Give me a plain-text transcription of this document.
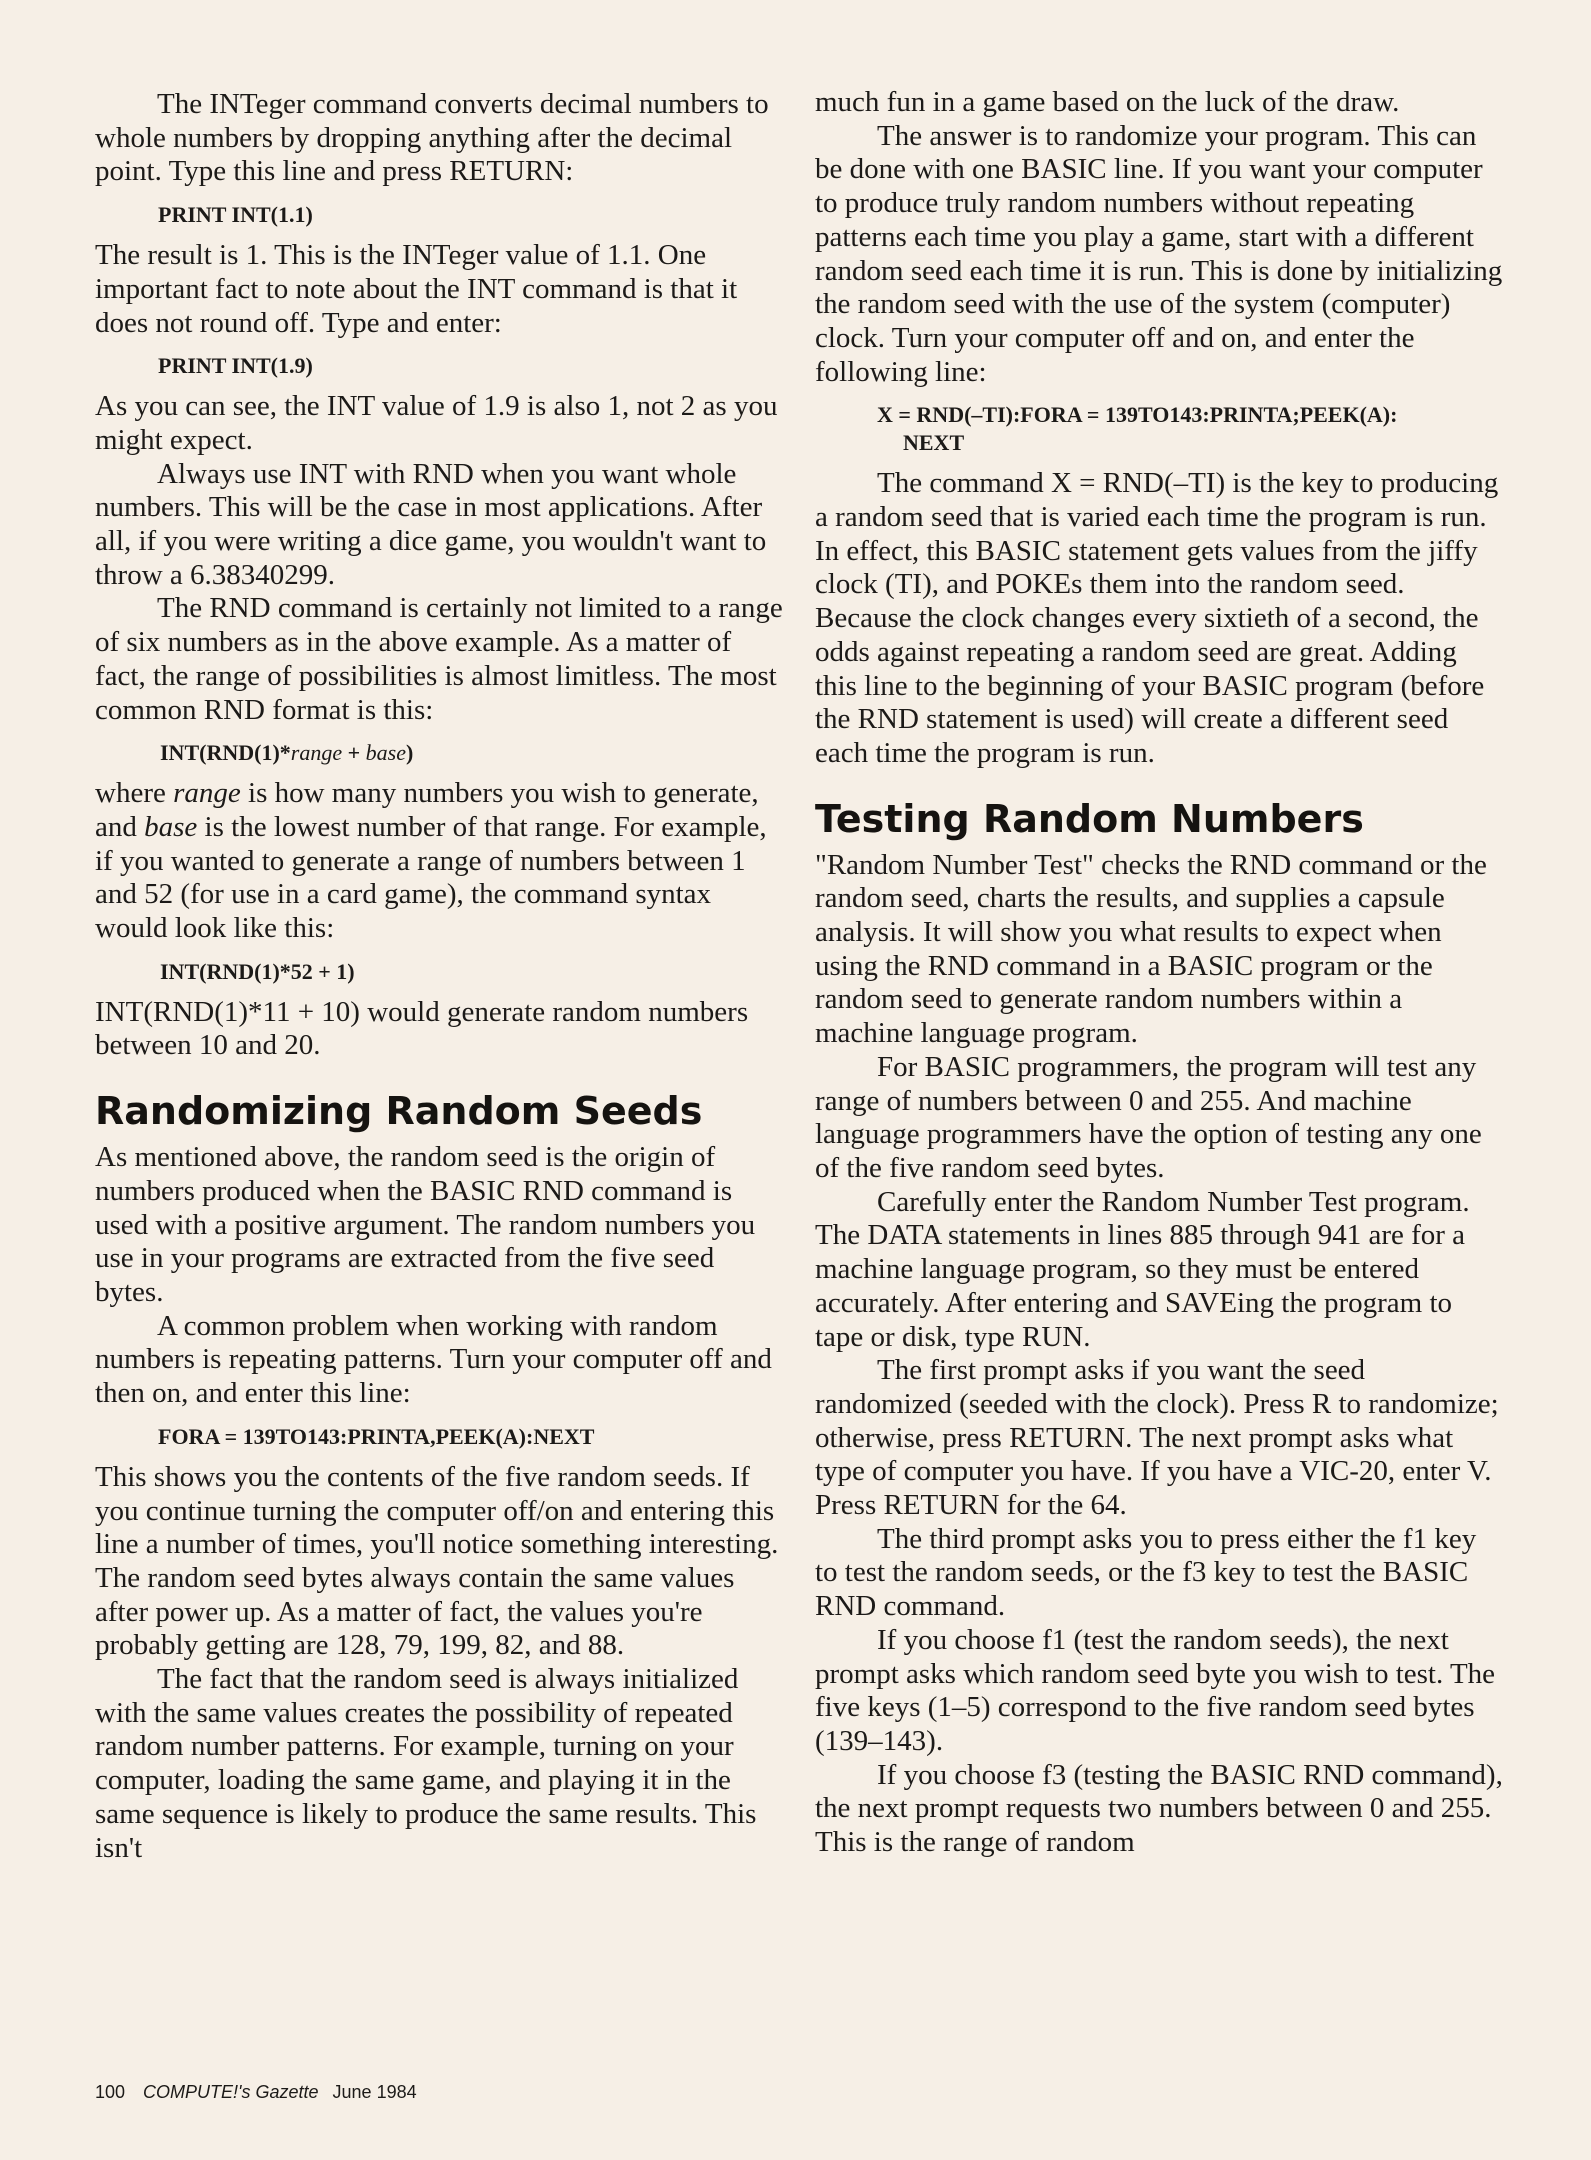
The INTeger command converts decimal numbers to whole numbers by dropping anything after the decimal point. Type this line and press RETURN:

PRINT INT(1.1)

The result is 1. This is the INTeger value of 1.1. One important fact to note about the INT command is that it does not round off. Type and enter:

PRINT INT(1.9)

As you can see, the INT value of 1.9 is also 1, not 2 as you might expect.

Always use INT with RND when you want whole numbers. This will be the case in most applications. After all, if you were writing a dice game, you wouldn't want to throw a 6.38340299.

The RND command is certainly not limited to a range of six numbers as in the above example. As a matter of fact, the range of possibilities is almost limitless. The most common RND format is this:

INT(RND(1)*range + base)

where range is how many numbers you wish to generate, and base is the lowest number of that range. For example, if you wanted to generate a range of numbers between 1 and 52 (for use in a card game), the command syntax would look like this:

INT(RND(1)*52 + 1)

INT(RND(1)*11 + 10) would generate random numbers between 10 and 20.

Randomizing Random Seeds

As mentioned above, the random seed is the origin of numbers produced when the BASIC RND command is used with a positive argument. The random numbers you use in your programs are extracted from the five seed bytes.

A common problem when working with random numbers is repeating patterns. Turn your computer off and then on, and enter this line:

FORA = 139TO143:PRINTA,PEEK(A):NEXT

This shows you the contents of the five random seeds. If you continue turning the computer off/on and entering this line a number of times, you'll notice something interesting. The random seed bytes always contain the same values after power up. As a matter of fact, the values you're probably getting are 128, 79, 199, 82, and 88.

The fact that the random seed is always initialized with the same values creates the possibility of repeated random number patterns. For example, turning on your computer, loading the same game, and playing it in the same sequence is likely to produce the same results. This isn't

much fun in a game based on the luck of the draw.

The answer is to randomize your program. This can be done with one BASIC line. If you want your computer to produce truly random numbers without repeating patterns each time you play a game, start with a different random seed each time it is run. This is done by initializing the random seed with the use of the system (computer) clock. Turn your computer off and on, and enter the following line:

X = RND(–TI):FORA = 139TO143:PRINTA;PEEK(A):
NEXT

The command X = RND(–TI) is the key to producing a random seed that is varied each time the program is run. In effect, this BASIC statement gets values from the jiffy clock (TI), and POKEs them into the random seed. Because the clock changes every sixtieth of a second, the odds against repeating a random seed are great. Adding this line to the beginning of your BASIC program (before the RND statement is used) will create a different seed each time the program is run.

Testing Random Numbers

"Random Number Test" checks the RND command or the random seed, charts the results, and supplies a capsule analysis. It will show you what results to expect when using the RND command in a BASIC program or the random seed to generate random numbers within a machine language program.

For BASIC programmers, the program will test any range of numbers between 0 and 255. And machine language programmers have the option of testing any one of the five random seed bytes.

Carefully enter the Random Number Test program. The DATA statements in lines 885 through 941 are for a machine language program, so they must be entered accurately. After entering and SAVEing the program to tape or disk, type RUN.

The first prompt asks if you want the seed randomized (seeded with the clock). Press R to randomize; otherwise, press RETURN. The next prompt asks what type of computer you have. If you have a VIC-20, enter V. Press RETURN for the 64.

The third prompt asks you to press either the f1 key to test the random seeds, or the f3 key to test the BASIC RND command.

If you choose f1 (test the random seeds), the next prompt asks which random seed byte you wish to test. The five keys (1–5) correspond to the five random seed bytes (139–143).

If you choose f3 (testing the BASIC RND command), the next prompt requests two numbers between 0 and 255. This is the range of random

100 COMPUTE!'s Gazette June 1984
